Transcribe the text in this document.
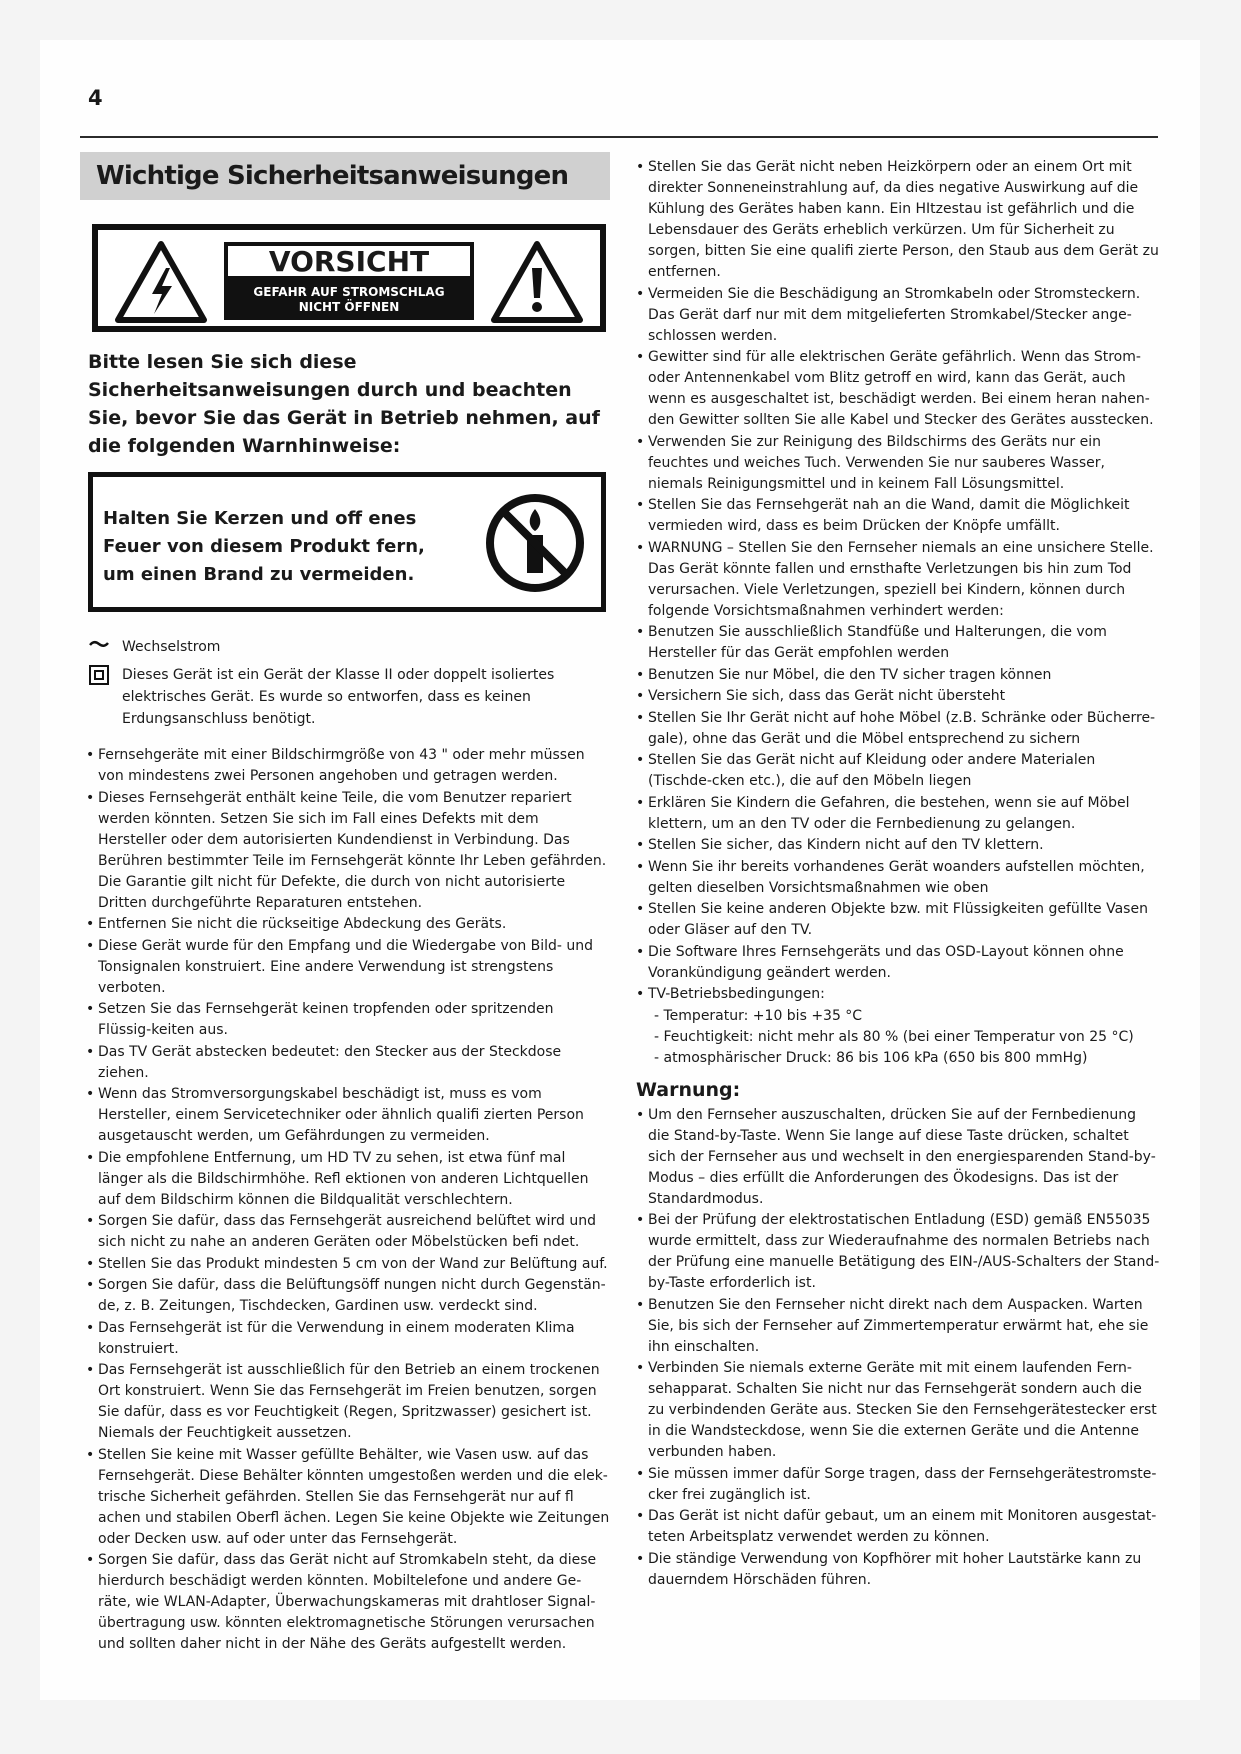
4
Wichtige Sicherheitsanweisungen
VORSICHT
GEFAHR AUF STROMSCHLAG
NICHT ÖFFNEN
Bitte lesen Sie sich diese Sicherheitsanweisungen durch und beachten Sie, bevor Sie das Gerät in Betrieb nehmen, auf die folgenden Warnhinweise:
Halten Sie Kerzen und off enes Feuer von diesem Produkt fern, um einen Brand zu vermeiden.
Wechselstrom
Dieses Gerät ist ein Gerät der Klasse II oder doppelt isoliertes elektrisches Gerät. Es wurde so entworfen, dass es keinen Erdungsanschluss benötigt.
• Fernsehgeräte mit einer Bildschirmgröße von 43 " oder mehr müssen von mindestens zwei Personen angehoben und getragen werden.
• Dieses Fernsehgerät enthält keine Teile, die vom Benutzer repariert werden könnten. Setzen Sie sich im Fall eines Defekts mit dem Hersteller oder dem autorisierten Kundendienst in Verbindung. Das Berühren bestimmter Teile im Fernsehgerät könnte Ihr Leben gefährden. Die Garantie gilt nicht für Defekte, die durch von nicht autorisierte Dritten durchgeführte Reparaturen entstehen.
• Entfernen Sie nicht die rückseitige Abdeckung des Geräts.
• Diese Gerät wurde für den Empfang und die Wiedergabe von Bild- und Tonsignalen konstruiert. Eine andere Verwendung ist strengstens verboten.
• Setzen Sie das Fernsehgerät keinen tropfenden oder spritzenden Flüssig-keiten aus.
• Das TV Gerät abstecken bedeutet: den Stecker aus der Steckdose ziehen.
• Wenn das Stromversorgungskabel beschädigt ist, muss es vom Hersteller, einem Servicetechniker oder ähnlich qualifi zierten Person ausgetauscht werden, um Gefährdungen zu vermeiden.
• Die empfohlene Entfernung, um HD TV zu sehen, ist etwa fünf mal länger als die Bildschirmhöhe. Refl ektionen von anderen Lichtquellen auf dem Bildschirm können die Bildqualität verschlechtern.
• Sorgen Sie dafür, dass das Fernsehgerät ausreichend belüftet wird und sich nicht zu nahe an anderen Geräten oder Möbelstücken befi ndet.
• Stellen Sie das Produkt mindesten 5 cm von der Wand zur Belüftung auf.
• Sorgen Sie dafür, dass die Belüftungsöff nungen nicht durch Gegenstän-de, z. B. Zeitungen, Tischdecken, Gardinen usw. verdeckt sind.
• Das Fernsehgerät ist für die Verwendung in einem moderaten Klima konstruiert.
• Das Fernsehgerät ist ausschließlich für den Betrieb an einem trockenen Ort konstruiert. Wenn Sie das Fernsehgerät im Freien benutzen, sorgen Sie dafür, dass es vor Feuchtigkeit (Regen, Spritzwasser) gesichert ist. Niemals der Feuchtigkeit aussetzen.
• Stellen Sie keine mit Wasser gefüllte Behälter, wie Vasen usw. auf das Fernsehgerät. Diese Behälter könnten umgestoßen werden und die elek-trische Sicherheit gefährden. Stellen Sie das Fernsehgerät nur auf fl achen und stabilen Oberfl ächen. Legen Sie keine Objekte wie Zeitungen oder Decken usw. auf oder unter das Fernsehgerät.
• Sorgen Sie dafür, dass das Gerät nicht auf Stromkabeln steht, da diese hierdurch beschädigt werden könnten. Mobiltelefone und andere Ge-räte, wie WLAN-Adapter, Überwachungskameras mit drahtloser Signal-übertragung usw. könnten elektromagnetische Störungen verursachen und sollten daher nicht in der Nähe des Geräts aufgestellt werden.
• Stellen Sie das Gerät nicht neben Heizkörpern oder an einem Ort mit direkter Sonneneinstrahlung auf, da dies negative Auswirkung auf die Kühlung des Gerätes haben kann. Ein HItzestau ist gefährlich und die Lebensdauer des Geräts erheblich verkürzen. Um für Sicherheit zu sorgen, bitten Sie eine qualifi zierte Person, den Staub aus dem Gerät zu entfernen.
• Vermeiden Sie die Beschädigung an Stromkabeln oder Stromsteckern. Das Gerät darf nur mit dem mitgelieferten Stromkabel/Stecker ange-schlossen werden.
• Gewitter sind für alle elektrischen Geräte gefährlich. Wenn das Strom-oder Antennenkabel vom Blitz getroff en wird, kann das Gerät, auch wenn es ausgeschaltet ist, beschädigt werden. Bei einem heran nahen-den Gewitter sollten Sie alle Kabel und Stecker des Gerätes ausstecken.
• Verwenden Sie zur Reinigung des Bildschirms des Geräts nur ein feuchtes und weiches Tuch. Verwenden Sie nur sauberes Wasser, niemals Reinigungsmittel und in keinem Fall Lösungsmittel.
• Stellen Sie das Fernsehgerät nah an die Wand, damit die Möglichkeit vermieden wird, dass es beim Drücken der Knöpfe umfällt.
• WARNUNG – Stellen Sie den Fernseher niemals an eine unsichere Stelle. Das Gerät könnte fallen und ernsthafte Verletzungen bis hin zum Tod verursachen. Viele Verletzungen, speziell bei Kindern, können durch folgende Vorsichtsmaßnahmen verhindert werden:
• Benutzen Sie ausschließlich Standfüße und Halterungen, die vom Hersteller für das Gerät empfohlen werden
• Benutzen Sie nur Möbel, die den TV sicher tragen können
• Versichern Sie sich, dass das Gerät nicht übersteht
• Stellen Sie Ihr Gerät nicht auf hohe Möbel (z.B. Schränke oder Bücherre-gale), ohne das Gerät und die Möbel entsprechend zu sichern
• Stellen Sie das Gerät nicht auf Kleidung oder andere Materialen (Tischde-cken etc.), die auf den Möbeln liegen
• Erklären Sie Kindern die Gefahren, die bestehen, wenn sie auf Möbel klettern, um an den TV oder die Fernbedienung zu gelangen.
• Stellen Sie sicher, das Kindern nicht auf den TV klettern.
• Wenn Sie ihr bereits vorhandenes Gerät woanders aufstellen möchten, gelten dieselben Vorsichtsmaßnahmen wie oben
• Stellen Sie keine anderen Objekte bzw. mit Flüssigkeiten gefüllte Vasen oder Gläser auf den TV.
• Die Software Ihres Fernsehgeräts und das OSD-Layout können ohne Vorankündigung geändert werden.
• TV-Betriebsbedingungen:
- Temperatur: +10 bis +35 °C
- Feuchtigkeit: nicht mehr als 80 % (bei einer Temperatur von 25 °C)
- atmosphärischer Druck: 86 bis 106 kPa (650 bis 800 mmHg)
Warnung:
• Um den Fernseher auszuschalten, drücken Sie auf der Fernbedienung die Stand-by-Taste. Wenn Sie lange auf diese Taste drücken, schaltet sich der Fernseher aus und wechselt in den energiesparenden Stand-by-Modus – dies erfüllt die Anforderungen des Ökodesigns. Das ist der Standardmodus.
• Bei der Prüfung der elektrostatischen Entladung (ESD) gemäß EN55035 wurde ermittelt, dass zur Wiederaufnahme des normalen Betriebs nach der Prüfung eine manuelle Betätigung des EIN-/AUS-Schalters der Stand-by-Taste erforderlich ist.
• Benutzen Sie den Fernseher nicht direkt nach dem Auspacken. Warten Sie, bis sich der Fernseher auf Zimmertemperatur erwärmt hat, ehe sie ihn einschalten.
• Verbinden Sie niemals externe Geräte mit mit einem laufenden Fern-sehapparat. Schalten Sie nicht nur das Fernsehgerät sondern auch die zu verbindenden Geräte aus. Stecken Sie den Fernsehgerätestecker erst in die Wandsteckdose, wenn Sie die externen Geräte und die Antenne verbunden haben.
• Sie müssen immer dafür Sorge tragen, dass der Fernsehgerätestromste-cker frei zugänglich ist.
• Das Gerät ist nicht dafür gebaut, um an einem mit Monitoren ausgestat-teten Arbeitsplatz verwendet werden zu können.
• Die ständige Verwendung von Kopfhörer mit hoher Lautstärke kann zu dauerndem Hörschäden führen.
